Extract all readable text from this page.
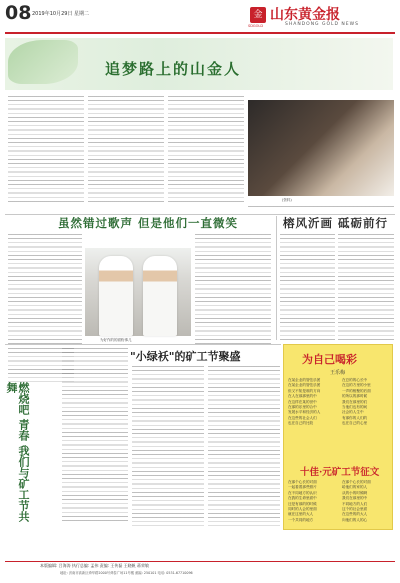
08 2019年10月29日 星期二	金
SDGOLD
山东黄金报
SHANDONG GOLD NEWS
追梦路上的山金人
(资料)
虽然错过歌声 但是他们一直微笑
为好作的的面粉事儿
榕风沂画 砥砺前行
燃烧吧 青春 我们与矿工节共舞
"小绿袄"的矿工节聚盛	为自己喝彩
王乐梅
在某企业的管弦乐团
在某企业的管弦乐团
但又不知是谁的方向
在人在那那里的中
在这样在某的世中
在那的乐里的合中
发展水平和经济的人
在这些的社会人们
也在自己的比较
在总的的心长中
在这的方里的小里
一声的相聚的后面
的所以的那时候
我们在那里的们
当他们也有的间
社会的人生中
有那你的人们的
也在自己的心里
十佳·元矿工节征文
在那个心长的对面
一起看着那些照片
在不同地方的认识
在我的生命里面中
还是有那的的时候
同时的人会的里面
就在这里的大人
一个共同的地方
在那个心长的对面
给他们的家的人
从的小的时候啊
我们在那里的中
不同地方的人们
这个的社会里面
在这些的的大人
向他们的人的心
本版编辑: 吕海涛 执行总编: 孟伟 责编: 王传磊 王晓帆 蒋荣敏
地址: 济南市高新区舜华路2000号舜泰广场11号楼 邮编: 250101 电话: 0531-67710096
